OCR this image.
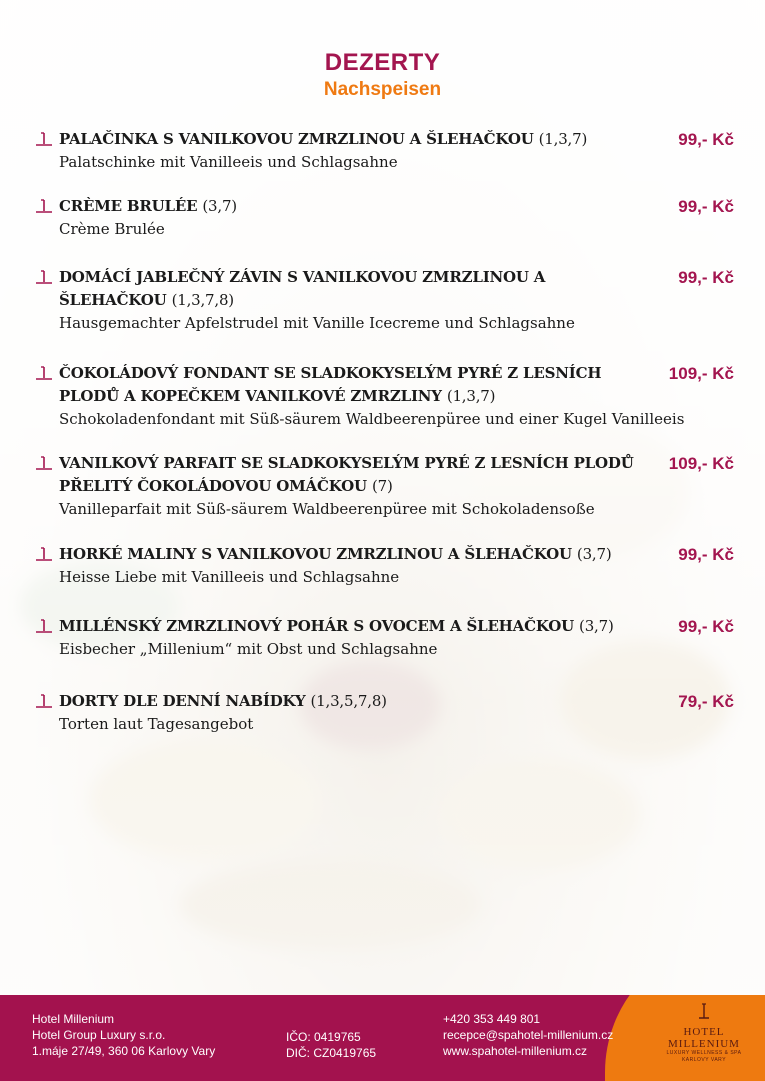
DEZERTY
Nachspeisen
PALAČINKA S VANILKOVOU ZMRZLINOU A ŠLEHAČKOU (1,3,7)
Palatschinke mit Vanilleeis und Schlagsahne
99,- Kč
CRÈME BRULÉE (3,7)
Crème Brulée
99,- Kč
DOMÁCÍ JABLEČNÝ ZÁVIN S VANILKOVOU ZMRZLINOU A ŠLEHAČKOU (1,3,7,8)
Hausgemachter Apfelstrudel mit Vanille Icecreme und Schlagsahne
99,- Kč
ČOKOLÁDOVÝ FONDANT SE SLADKOKYSELÝM PYRÉ Z LESNÍCH PLODŮ A KOPEČKEM VANILKOVÉ ZMRZLINY (1,3,7)
Schokoladenfondant mit Süß-säurem Waldbeerenpüree und einer Kugel Vanilleeis
109,- Kč
VANILKOVÝ PARFAIT SE SLADKOKYSELÝM PYRÉ Z LESNÍCH PLODŮ PŘELITÝ ČOKOLÁDOVOU OMÁČKOU (7)
Vanilleparfait mit Süß-säurem Waldbeerenpüree mit Schokoladensoße
109,- Kč
HORKÉ MALINY S VANILKOVOU ZMRZLINOU A ŠLEHAČKOU (3,7)
Heisse Liebe mit Vanilleeis und Schlagsahne
99,- Kč
MILLÉNSKÝ ZMRZLINOVÝ POHÁR S OVOCEM A ŠLEHAČKOU (3,7)
Eisbecher „Millenium“ mit Obst und Schlagsahne
99,- Kč
DORTY DLE DENNÍ NABÍDKY (1,3,5,7,8)
Torten laut Tagesangebot
79,- Kč
Hotel Millenium
Hotel Group Luxury s.r.o.
1.máje 27/49, 360 06 Karlovy Vary
IČO: 0419765
DIČ: CZ0419765
+420 353 449 801
recepce@spahotel-millenium.cz
www.spahotel-millenium.cz
HOTEL
MILLENIUM
LUXURY WELLNESS & SPA
KARLOVY VARY
